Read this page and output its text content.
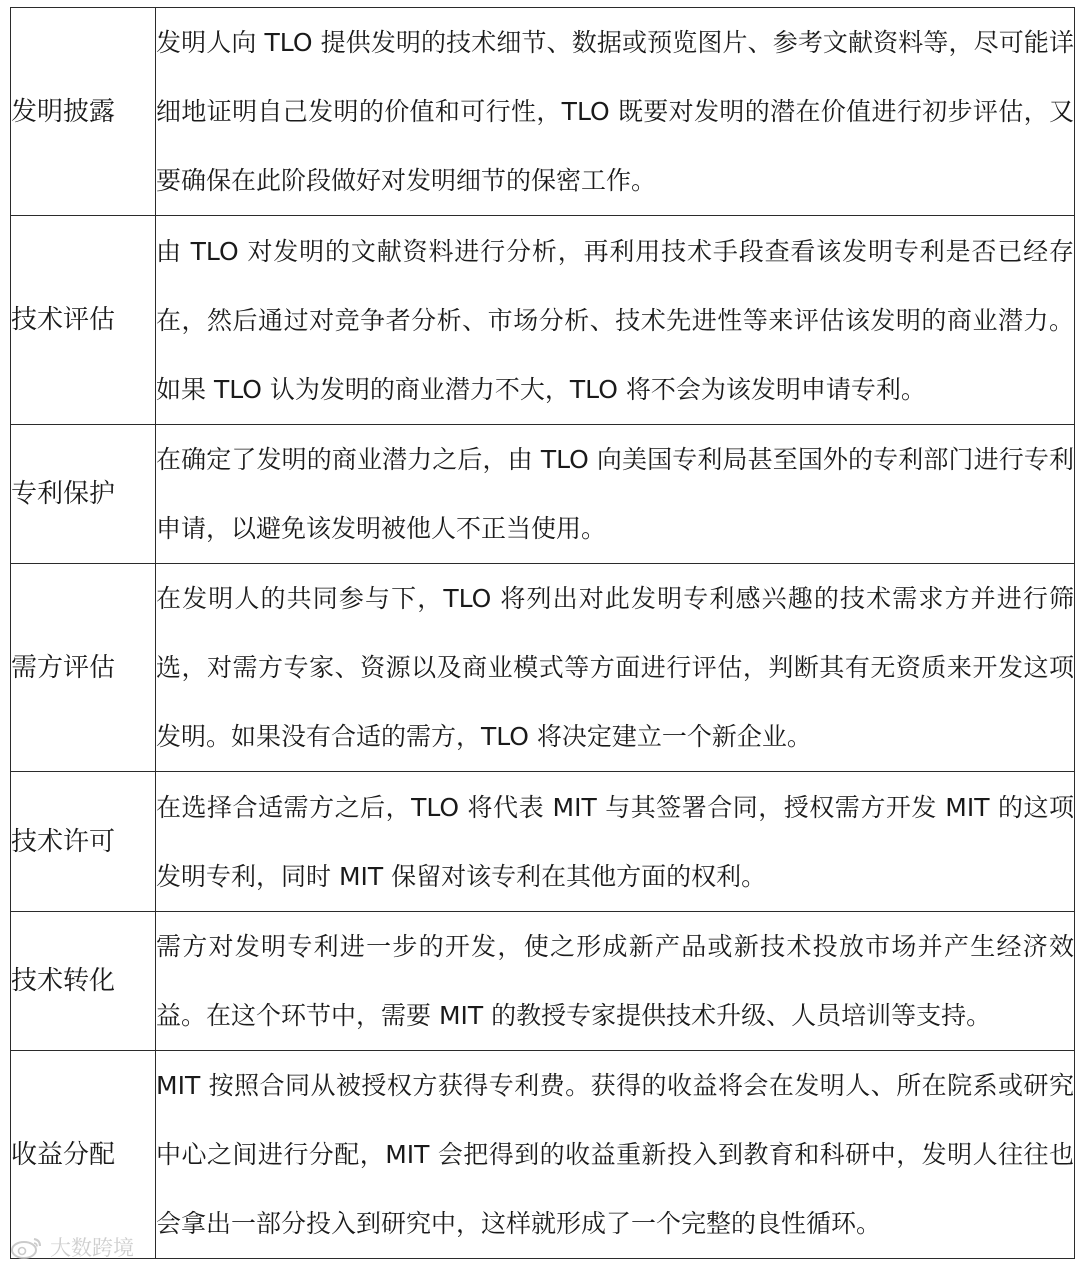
发明披露	发明人向 TLO 提供发明的技术细节、数据或预览图片、参考文献资料等，尽可能详细地证明自己发明的价值和可行性，TLO 既要对发明的潜在价值进行初步评估，又要确保在此阶段做好对发明细节的保密工作。
技术评估	由 TLO 对发明的文献资料进行分析，再利用技术手段查看该发明专利是否已经存在，然后通过对竞争者分析、市场分析、技术先进性等来评估该发明的商业潜力。如果 TLO 认为发明的商业潜力不大，TLO 将不会为该发明申请专利。
专利保护	在确定了发明的商业潜力之后，由 TLO 向美国专利局甚至国外的专利部门进行专利申请，以避免该发明被他人不正当使用。
需方评估	在发明人的共同参与下，TLO 将列出对此发明专利感兴趣的技术需求方并进行筛选，对需方专家、资源以及商业模式等方面进行评估，判断其有无资质来开发这项发明。如果没有合适的需方，TLO 将决定建立一个新企业。
技术许可	在选择合适需方之后，TLO 将代表 MIT 与其签署合同，授权需方开发 MIT 的这项发明专利，同时 MIT 保留对该专利在其他方面的权利。
技术转化	需方对发明专利进一步的开发，使之形成新产品或新技术投放市场并产生经济效益。在这个环节中，需要 MIT 的教授专家提供技术升级、人员培训等支持。
收益分配	MIT 按照合同从被授权方获得专利费。获得的收益将会在发明人、所在院系或研究中心之间进行分配，MIT 会把得到的收益重新投入到教育和科研中，发明人往往也会拿出一部分投入到研究中，这样就形成了一个完整的良性循环。
大数跨境
